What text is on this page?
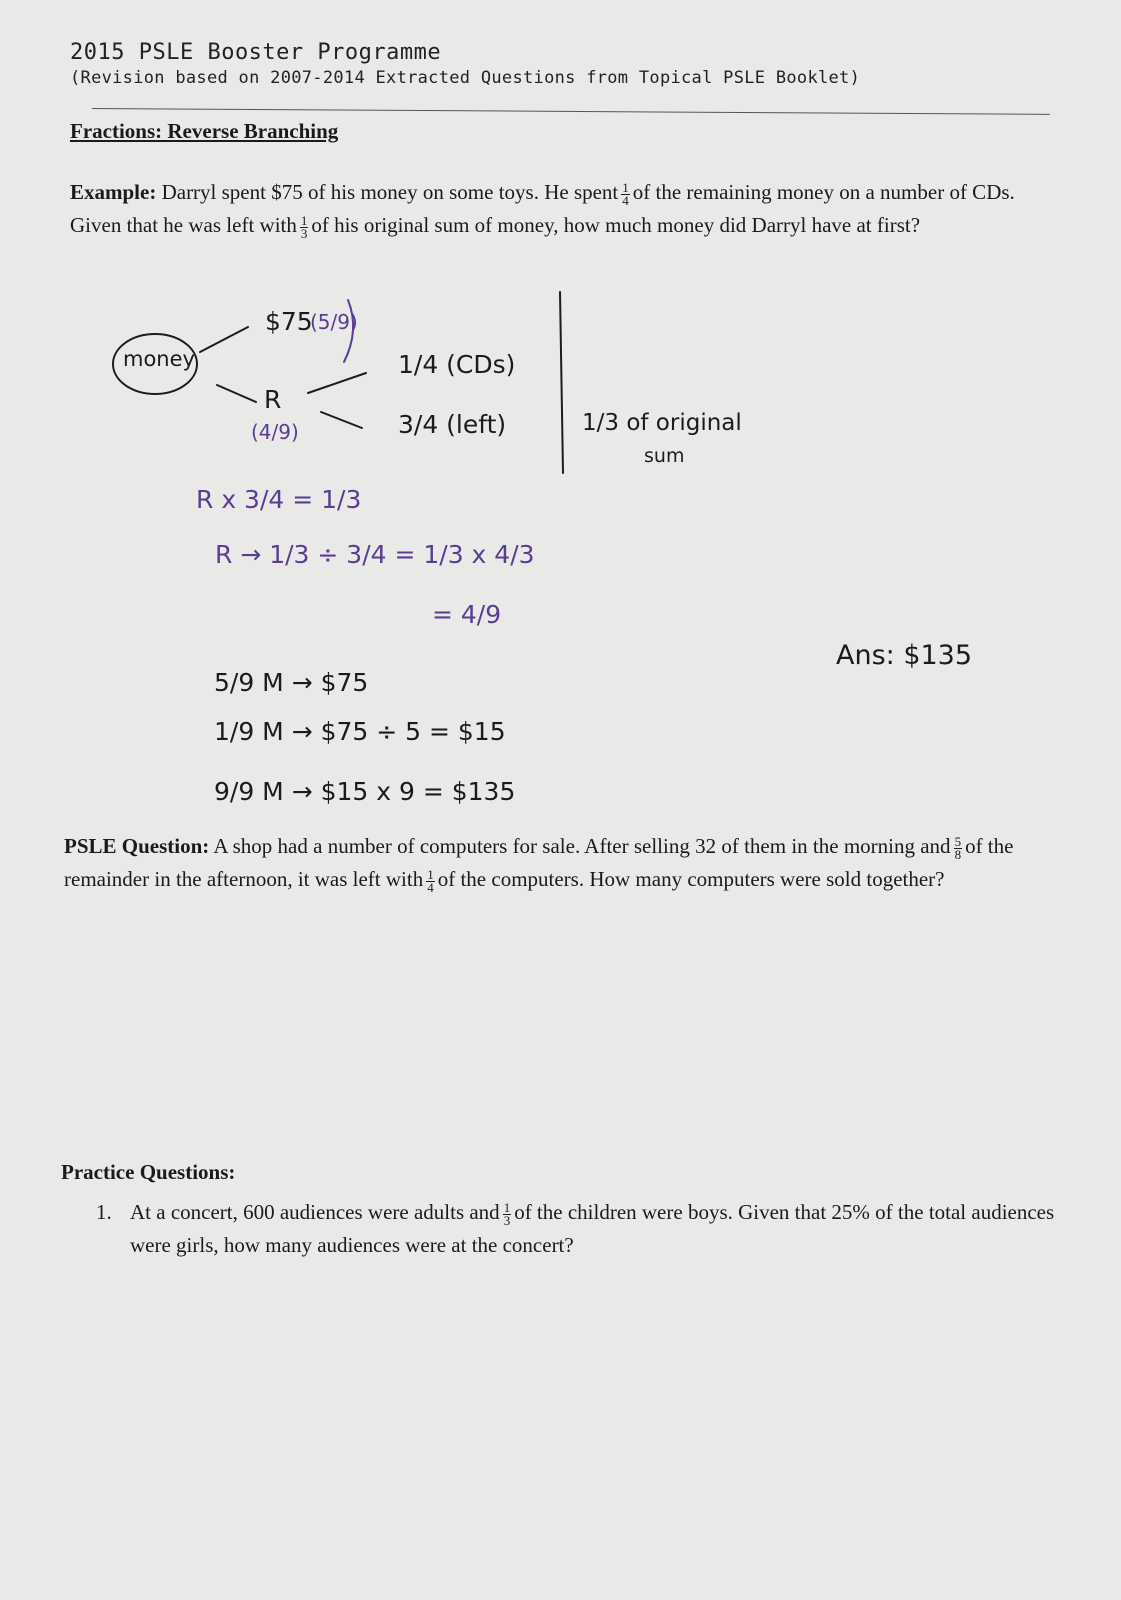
2015 PSLE Booster Programme
(Revision based on 2007-2014 Extracted Questions from Topical PSLE Booklet)
Fractions: Reverse Branching
Example: Darryl spent $75 of his money on some toys. He spent $\frac{1}{4}$ of the remaining money on a number of CDs. Given that he was left with $\frac{1}{3}$ of his original sum of money, how much money did Darryl have at first?
money
$75
(5/9)
R
(4/9)
1/4 (CDs)
3/4 (left)	1/3 of original
sum
R x 3/4 = 1/3
R → 1/3 ÷ 3/4 = 1/3 x 4/3
= 4/9
5/9 M → $75
1/9 M → $75 ÷ 5 = $15
9/9 M → $15 x 9 = $135
Ans: $135
PSLE Question: A shop had a number of computers for sale. After selling 32 of them in the morning and $\frac{5}{8}$ of the remainder in the afternoon, it was left with $\frac{1}{4}$ of the computers. How many computers were sold together?
Practice Questions:
1. At a concert, 600 audiences were adults and $\frac{1}{3}$ of the children were boys. Given that 25% of the total audiences were girls, how many audiences were at the concert?
